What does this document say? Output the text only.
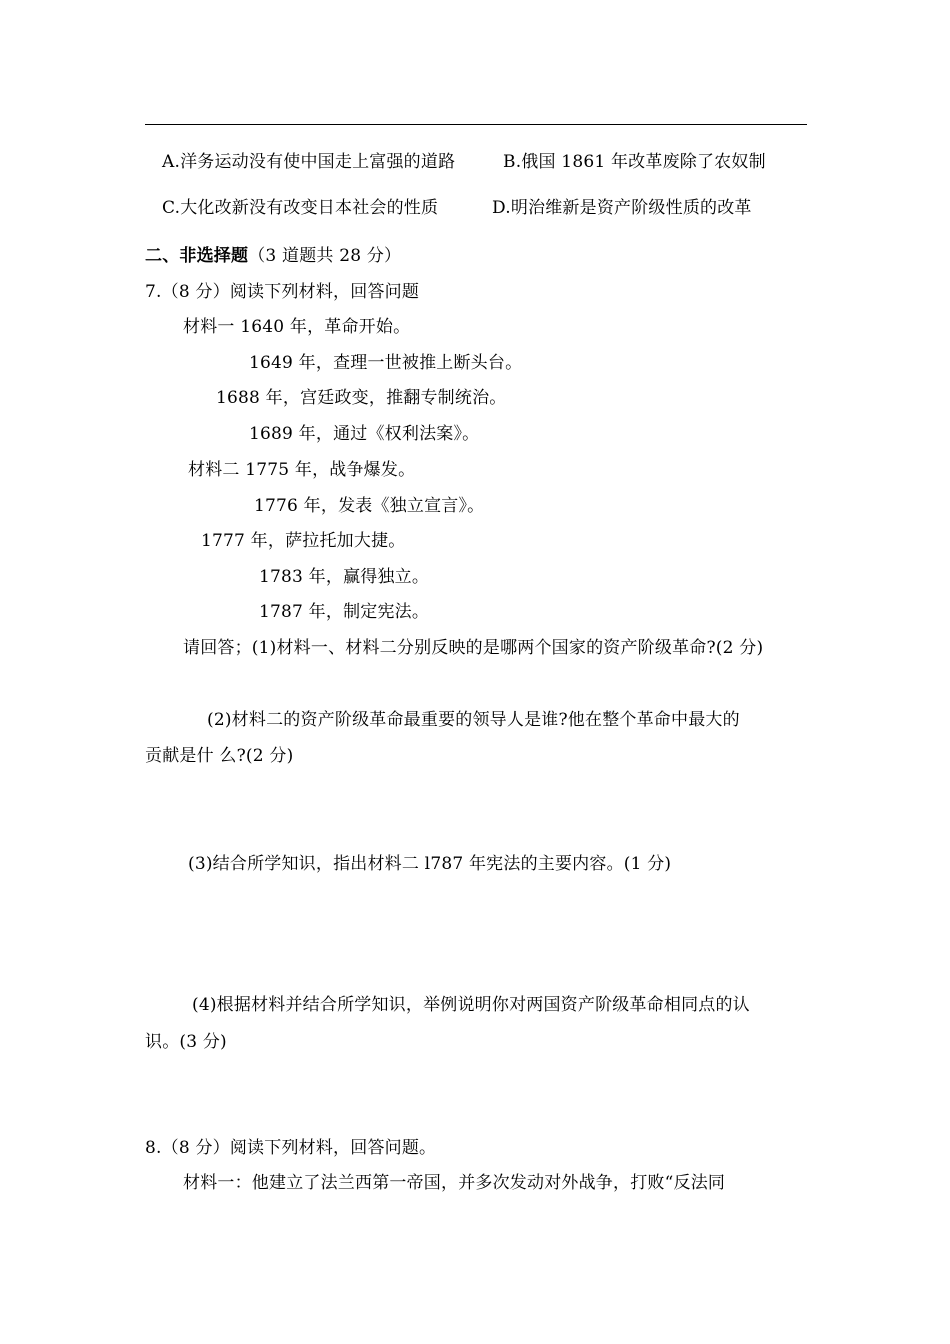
A.洋务运动没有使中国走上富强的道路	B.俄国 1861 年改革废除了农奴制
C.大化改新没有改变日本社会的性质	D.明治维新是资产阶级性质的改革
二、非选择题（3 道题共 28 分）
7.（8 分）阅读下列材料，回答问题
材料一 1640 年，革命开始。
1649 年，查理一世被推上断头台。
1688 年，宫廷政变，推翻专制统治。
1689 年，通过《权利法案》。
材料二 1775 年，战争爆发。
1776 年，发表《独立宣言》。
1777 年，萨拉托加大捷。
1783 年，赢得独立。
1787 年，制定宪法。
请回答；(1)材料一、材料二分别反映的是哪两个国家的资产阶级革命?(2 分)
(2)材料二的资产阶级革命最重要的领导人是谁?他在整个革命中最大的
贡献是什 么?(2 分)
(3)结合所学知识，指出材料二 l787 年宪法的主要内容。(1 分)
(4)根据材料并结合所学知识，举例说明你对两国资产阶级革命相同点的认
识。(3 分)
8.（8 分）阅读下列材料，回答问题。
材料一：他建立了法兰西第一帝国，并多次发动对外战争，打败“反法同
